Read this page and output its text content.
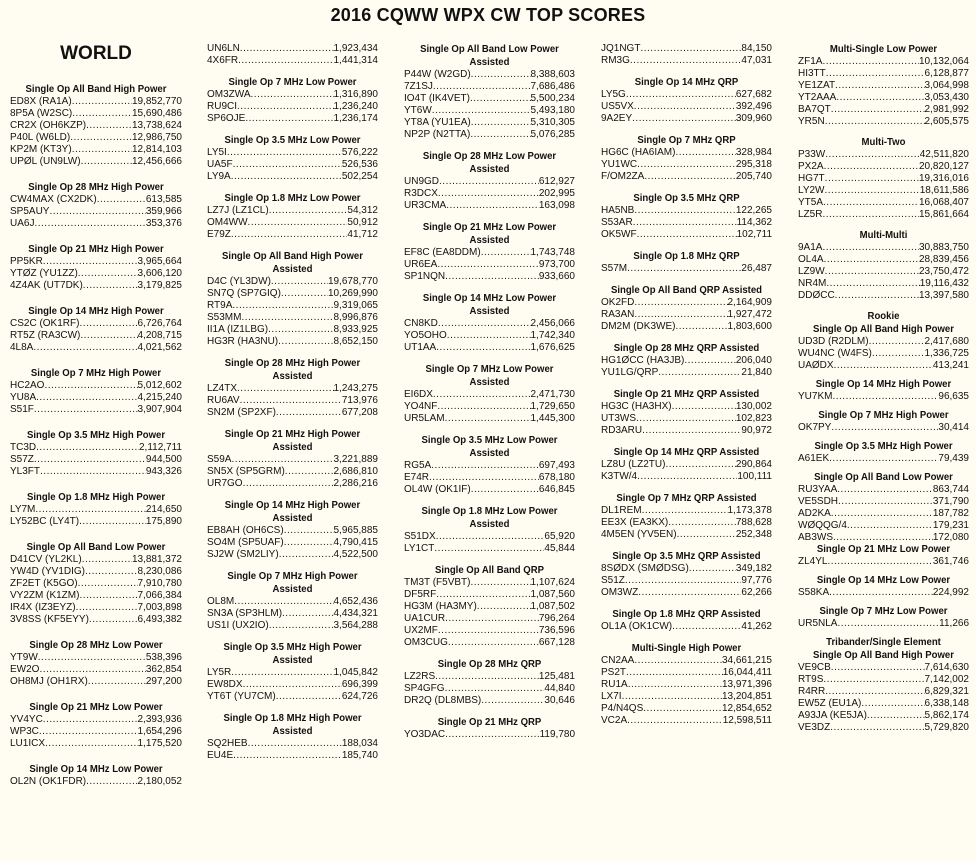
2016 CQWW WPX CW TOP SCORES
WORLD
Single Op All Band High Power
ED8X (RA1A) .....	19,852,770
8P5A (W2SC) .....	15,690,486
CR2X (OH6KZP) .....	13,738,624
P40L (W6LD) .....	12,986,750
KP2M (KT3Y) .....	12,814,103
UPØL (UN9LW) .....	12,456,666
Single Op 28 MHz High Power
CW4MAX (CX2DK) .....	613,585
SP5AUY .....	359,966
UA6J .....	353,376
Single Op 21 MHz High Power
PP5KR .....	3,965,664
YTØZ (YU1ZZ) .....	3,606,120
4Z4AK (UT7DK) .....	3,179,825
Single Op 14 MHz High Power
CS2C (OK1RF) .....	6,726,764
RT5Z (RA3CW) .....	4,208,715
4L8A .....	4,021,562
Single Op 7 MHz High Power
HC2AO .....	5,012,602
YU8A .....	4,215,240
S51F .....	3,907,904
Single Op 3.5 MHz High Power
TC3D .....	2,112,711
S57Z .....	944,500
YL3FT .....	943,326
Single Op 1.8 MHz High Power
LY7M .....	214,650
LY52BC (LY4T) .....	175,890
Single Op All Band Low Power
D41CV (YL2KL) .....	13,881,372
YW4D (YV1DIG) .....	8,230,086
ZF2ET (K5GO) .....	7,910,780
VY2ZM (K1ZM) .....	7,066,384
IR4X (IZ3EYZ) .....	7,003,898
3V8SS (KF5EYY) .....	6,493,382
Single Op 28 MHz Low Power
YT9W .....	538,396
EW2O .....	362,854
OH8MJ (OH1RX) .....	297,200
Single Op 21 MHz Low Power
YV4YC .....	2,393,936
WP3C .....	1,654,296
LU1ICX .....	1,175,520
Single Op 14 MHz Low Power
OL2N (OK1FDR) .....	2,180,052
UN6LN .....	1,923,434
4X6FR .....	1,441,314
Single Op 7 MHz Low Power
OM3ZWA .....	1,316,890
RU9CI .....	1,236,240
SP6OJE .....	1,236,174
Single Op 3.5 MHz Low Power
LY5I .....	576,222
UA5F .....	526,536
LY9A .....	502,254
Single Op 1.8 MHz Low Power
LZ7J (LZ1CL) .....	54,312
OM4WW .....	50,912
E79Z .....	41,712
Single Op All Band High Power
Assisted
D4C (YL3DW) .....	19,678,770
SN7Q (SP7GIQ) .....	10,269,990
RT9A .....	9,319,065
S53MM .....	8,996,876
II1A (IZ1LBG) .....	8,933,925
HG3R (HA3NU) .....	8,652,150
Single Op 28 MHz High Power
Assisted
LZ4TX .....	1,243,275
RU6AV .....	713,976
SN2M (SP2XF) .....	677,208
Single Op 21 MHz High Power
Assisted
S59A .....	3,221,889
SN5X (SP5GRM) .....	2,686,810
UR7GO .....	2,286,216
Single Op 14 MHz High Power
Assisted
EB8AH (OH6CS) .....	5,965,885
SO4M (SP5UAF) .....	4,790,415
SJ2W (SM2LIY) .....	4,522,500
Single Op 7 MHz High Power
Assisted
OL8M .....	4,652,436
SN3A (SP3HLM) .....	4,434,321
US1I (UX2IO) .....	3,564,288
Single Op 3.5 MHz High Power
Assisted
LY5R .....	1,045,842
EW8DX .....	696,399
YT6T (YU7CM) .....	624,726
Single Op 1.8 MHz High Power
Assisted
SQ2HEB .....	188,034
EU4E .....	185,740
Single Op All Band Low Power
Assisted
P44W (W2GD) .....	8,388,603
7Z1SJ .....	7,686,486
IO4T (IK4VET) .....	5,500,234
YT6W .....	5,493,180
YT8A (YU1EA) .....	5,310,305
NP2P (N2TTA) .....	5,076,285
Single Op 28 MHz Low Power
Assisted
UN9GD .....	612,927
R3DCX .....	202,995
UR3CMA .....	163,098
Single Op 21 MHz Low Power
Assisted
EF8C (EA8DDM) .....	1,743,748
UR6EA .....	973,700
SP1NQN .....	933,660
Single Op 14 MHz Low Power
Assisted
CN8KD .....	2,456,066
YO5OHO .....	1,742,340
UT1AA .....	1,676,625
Single Op 7 MHz Low Power
Assisted
EI6DX .....	2,471,730
YO4NF .....	1,729,650
UR5LAM .....	1,445,300
Single Op 3.5 MHz Low Power
Assisted
RG5A .....	697,493
E74R .....	678,180
OL4W (OK1IF) .....	646,845
Single Op 1.8 MHz Low Power
Assisted
S51DX .....	65,920
LY1CT .....	45,844
Single Op All Band QRP
TM3T (F5VBT) .....	1,107,624
DF5RF .....	1,087,560
HG3M (HA3MY) .....	1,087,502
UA1CUR .....	796,264
UX2MF .....	736,596
OM3CUG .....	667,128
Single Op 28 MHz QRP
LZ2RS .....	125,481
SP4GFG .....	44,840
DR2Q (DL8MBS) .....	30,646
Single Op 21 MHz QRP
YO3DAC .....	119,780
JQ1NGT .....	84,150
RM3G .....	47,031
Single Op 14 MHz QRP
LY5G .....	627,682
US5VX .....	392,496
9A2EY .....	309,960
Single Op 7 MHz QRP
HG6C (HA6IAM) .....	328,984
YU1WC .....	295,318
F/OM2ZA .....	205,740
Single Op 3.5 MHz QRP
HA5NB .....	122,265
S53AR .....	114,362
OK5WF .....	102,711
Single Op 1.8 MHz QRP
S57M .....	26,487
Single Op All Band QRP Assisted
OK2FD .....	2,164,909
RA3AN .....	1,927,472
DM2M (DK3WE) .....	1,803,600
Single Op 28 MHz QRP Assisted
HG1ØCC (HA3JB) .....	206,040
YU1LG/QRP .....	21,840
Single Op 21 MHz QRP Assisted
HG3C (HA3HX) .....	130,002
UT3WS .....	102,823
RD3ARU .....	90,972
Single Op 14 MHz QRP Assisted
LZ8U (LZ2TU) .....	290,864
K3TW/4 .....	100,111
Single Op 7 MHz QRP Assisted
DL1REM .....	1,173,378
EE3X (EA3KX) .....	788,628
4M5EN (YV5EN) .....	252,348
Single Op 3.5 MHz QRP Assisted
8SØDX (SMØDSG) .....	349,182
S51Z .....	97,776
OM3WZ .....	62,266
Single Op 1.8 MHz QRP Assisted
OL1A (OK1CW) .....	41,262
Multi-Single High Power
CN2AA .....	34,661,215
PS2T .....	16,044,411
RU1A .....	13,971,396
LX7I .....	13,204,851
P4/N4QS .....	12,854,652
VC2A .....	12,598,511
Multi-Single Low Power
ZF1A .....	10,132,064
HI3TT .....	6,128,877
YE1ZAT .....	3,064,998
YT2AAA .....	3,053,430
BA7QT .....	2,981,992
YR5N .....	2,605,575
Multi-Two
P33W .....	42,511,820
PX2A .....	20,820,127
HG7T .....	19,316,016
LY2W .....	18,611,586
YT5A .....	16,068,407
LZ5R .....	15,861,664
Multi-Multi
9A1A .....	30,883,750
OL4A .....	28,839,456
LZ9W .....	23,750,472
NR4M .....	19,116,432
DDØCC .....	13,397,580
Rookie
Single Op All Band High Power
UD3D (R2DLM) .....	2,417,680
WU4NC (W4FS) .....	1,336,725
UAØDX .....	413,241
Single Op 14 MHz High Power
YU7KM .....	96,635
Single Op 7 MHz High Power
OK7PY .....	30,414
Single Op 3.5 MHz High Power
A61EK .....	79,439
Single Op All Band Low Power
RU3YAA .....	863,744
VE5SDH .....	371,790
AD2KA .....	187,782
WØQQG/4 .....	179,231
AB3WS .....	172,080
Single Op 21 MHz Low Power
ZL4YL .....	361,746
Single Op 14 MHz Low Power
S58KA .....	224,992
Single Op 7 MHz Low Power
UR5NLA .....	11,266
Tribander/Single Element
Single Op All Band High Power
VE9CB .....	7,614,630
RT9S .....	7,142,002
R4RR .....	6,829,321
EW5Z (EU1A) .....	6,338,148
A93JA (KE5JA) .....	5,862,174
VE3DZ .....	5,729,820
